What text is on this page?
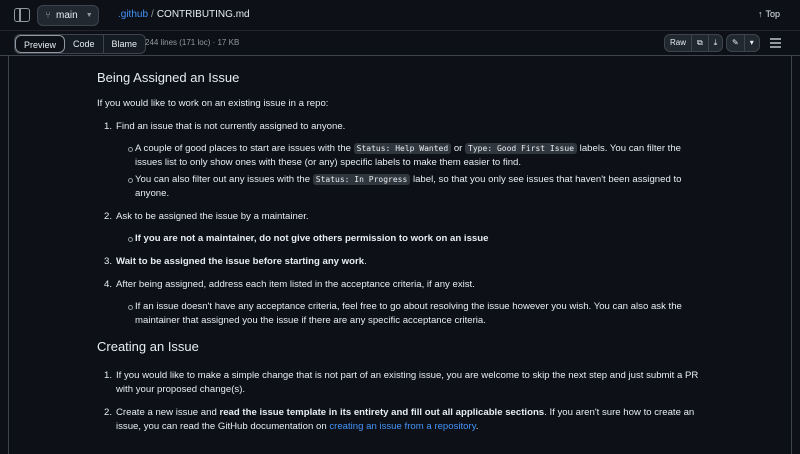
⑂ main ▼	.github / CONTRIBUTING.md	↑ Top
Preview	Code	Blame 244 lines (171 loc) · 17 KB	Raw	⧉	⤓	✎	▾
Being Assigned an Issue

If you would like to work on an existing issue in a repo:

1. Find an issue that is not currently assigned to anyone.
A couple of good places to start are issues with the Status: Help Wanted or Type: Good First Issue labels. You can filter the issues list to only show ones with these (or any) specific labels to make them easier to find.
You can also filter out any issues with the Status: In Progress label, so that you only see issues that haven't been assigned to anyone.
2. Ask to be assigned the issue by a maintainer.
If you are not a maintainer, do not give others permission to work on an issue
3. Wait to be assigned the issue before starting any work.
4. After being assigned, address each item listed in the acceptance criteria, if any exist.
If an issue doesn't have any acceptance criteria, feel free to go about resolving the issue however you wish. You can also ask the maintainer that assigned you the issue if there are any specific acceptance criteria.
Creating an Issue
1. If you would like to make a simple change that is not part of an existing issue, you are welcome to skip the next step and just submit a PR with your proposed change(s).
2. Create a new issue and read the issue template in its entirety and fill out all applicable sections. If you aren't sure how to create an issue, you can read the GitHub documentation on creating an issue from a repository.
